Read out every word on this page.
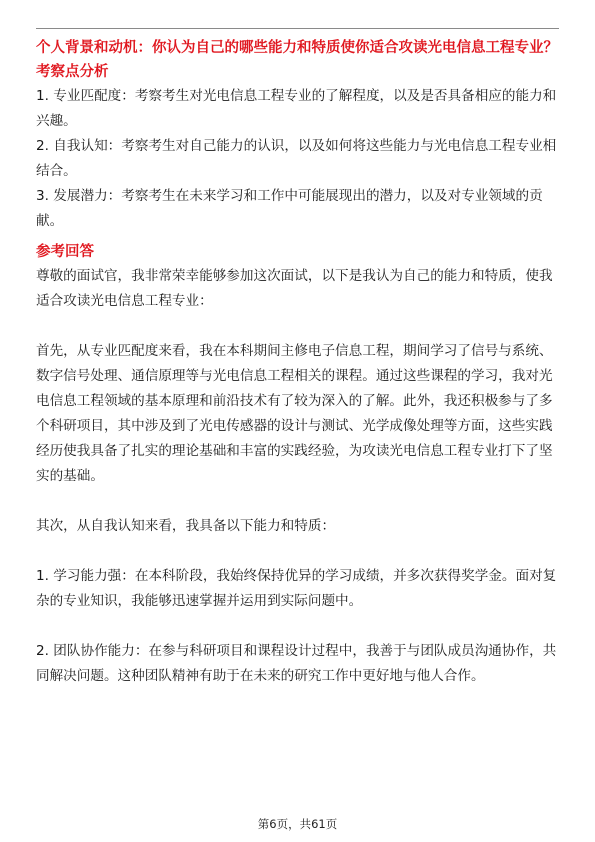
个人背景和动机：你认为自己的哪些能力和特质使你适合攻读光电信息工程专业？
考察点分析

1. 专业匹配度：考察考生对光电信息工程专业的了解程度，以及是否具备相应的能力和兴趣。

2. 自我认知：考察考生对自己能力的认识，以及如何将这些能力与光电信息工程专业相结合。

3. 发展潜力：考察考生在未来学习和工作中可能展现出的潜力，以及对专业领域的贡献。

参考回答

尊敬的面试官，我非常荣幸能够参加这次面试，以下是我认为自己的能力和特质，使我适合攻读光电信息工程专业：

首先，从专业匹配度来看，我在本科期间主修电子信息工程，期间学习了信号与系统、数字信号处理、通信原理等与光电信息工程相关的课程。通过这些课程的学习，我对光电信息工程领域的基本原理和前沿技术有了较为深入的了解。此外，我还积极参与了多个科研项目，其中涉及到了光电传感器的设计与测试、光学成像处理等方面，这些实践经历使我具备了扎实的理论基础和丰富的实践经验，为攻读光电信息工程专业打下了坚实的基础。

其次，从自我认知来看，我具备以下能力和特质：

1. 学习能力强：在本科阶段，我始终保持优异的学习成绩，并多次获得奖学金。面对复杂的专业知识，我能够迅速掌握并运用到实际问题中。

2. 团队协作能力：在参与科研项目和课程设计过程中，我善于与团队成员沟通协作，共同解决问题。这种团队精神有助于在未来的研究工作中更好地与他人合作。

第6页，共61页
